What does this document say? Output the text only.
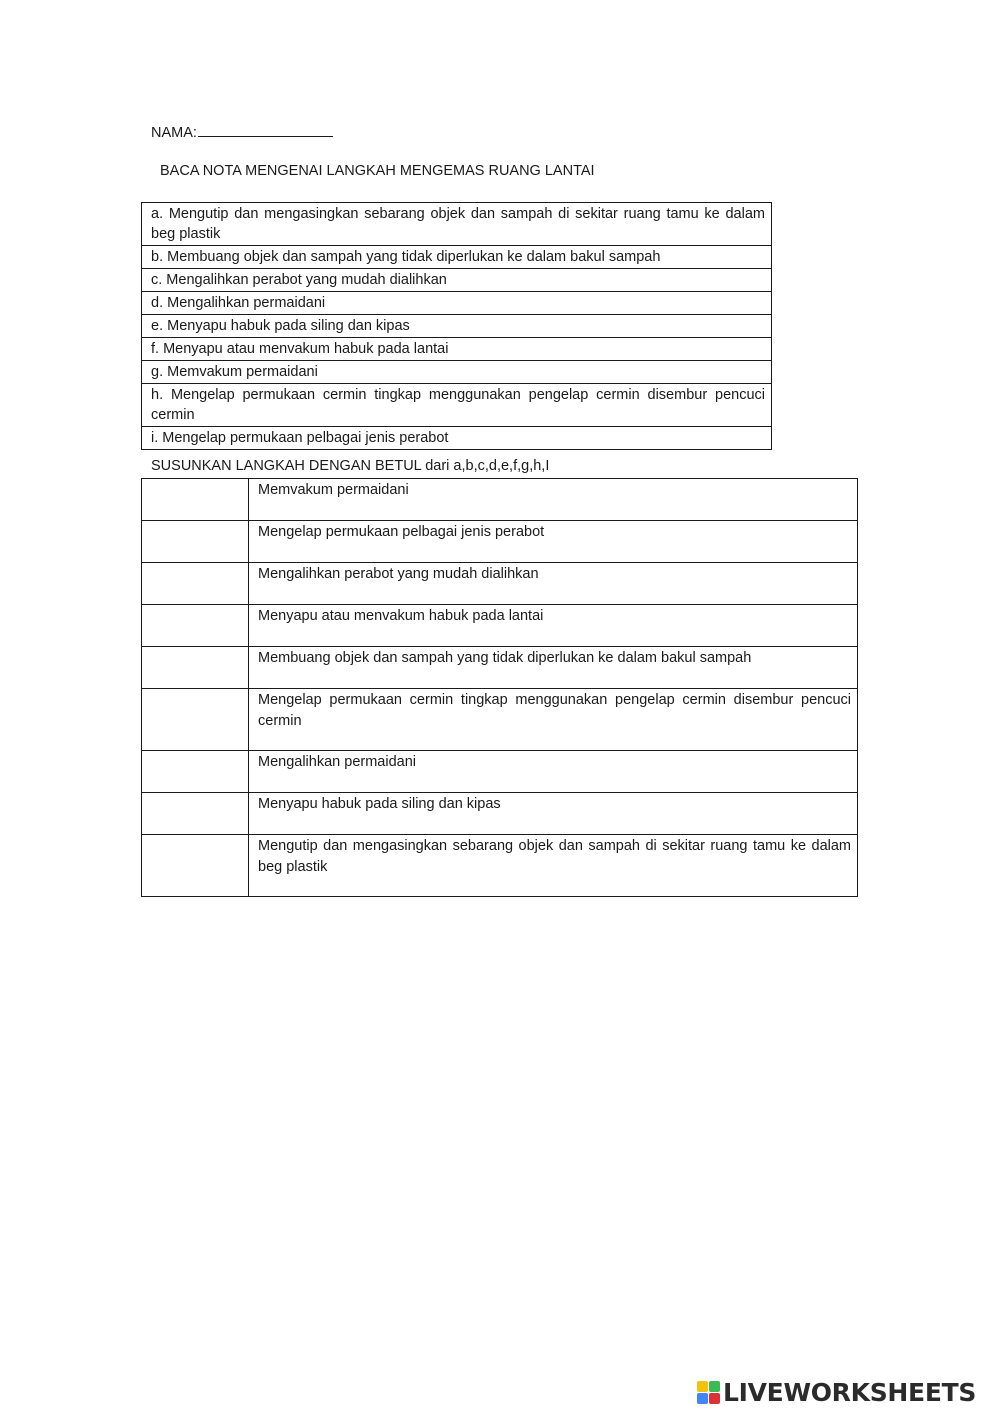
NAMA:
BACA NOTA MENGENAI LANGKAH MENGEMAS RUANG LANTAI
a. Mengutip dan mengasingkan sebarang objek dan sampah di sekitar ruang tamu ke dalam beg plastik
b. Membuang objek dan sampah yang tidak diperlukan ke dalam bakul sampah
c. Mengalihkan perabot yang mudah dialihkan
d. Mengalihkan permaidani
e. Menyapu habuk pada siling dan kipas
f. Menyapu atau menvakum habuk pada lantai
g. Memvakum permaidani
h. Mengelap permukaan cermin tingkap menggunakan pengelap cermin disembur pencuci cermin
i. Mengelap permukaan pelbagai jenis perabot
SUSUNKAN LANGKAH DENGAN BETUL dari a,b,c,d,e,f,g,h,I
	Memvakum permaidani
	Mengelap permukaan pelbagai jenis perabot
	Mengalihkan perabot yang mudah dialihkan
	Menyapu atau menvakum habuk pada lantai
	Membuang objek dan sampah yang tidak diperlukan ke dalam bakul sampah
	Mengelap permukaan cermin tingkap menggunakan pengelap cermin disembur pencuci cermin
	Mengalihkan permaidani
	Menyapu habuk pada siling dan kipas
	Mengutip dan mengasingkan sebarang objek dan sampah di sekitar ruang tamu ke dalam beg plastik
LIVEWORKSHEETS
